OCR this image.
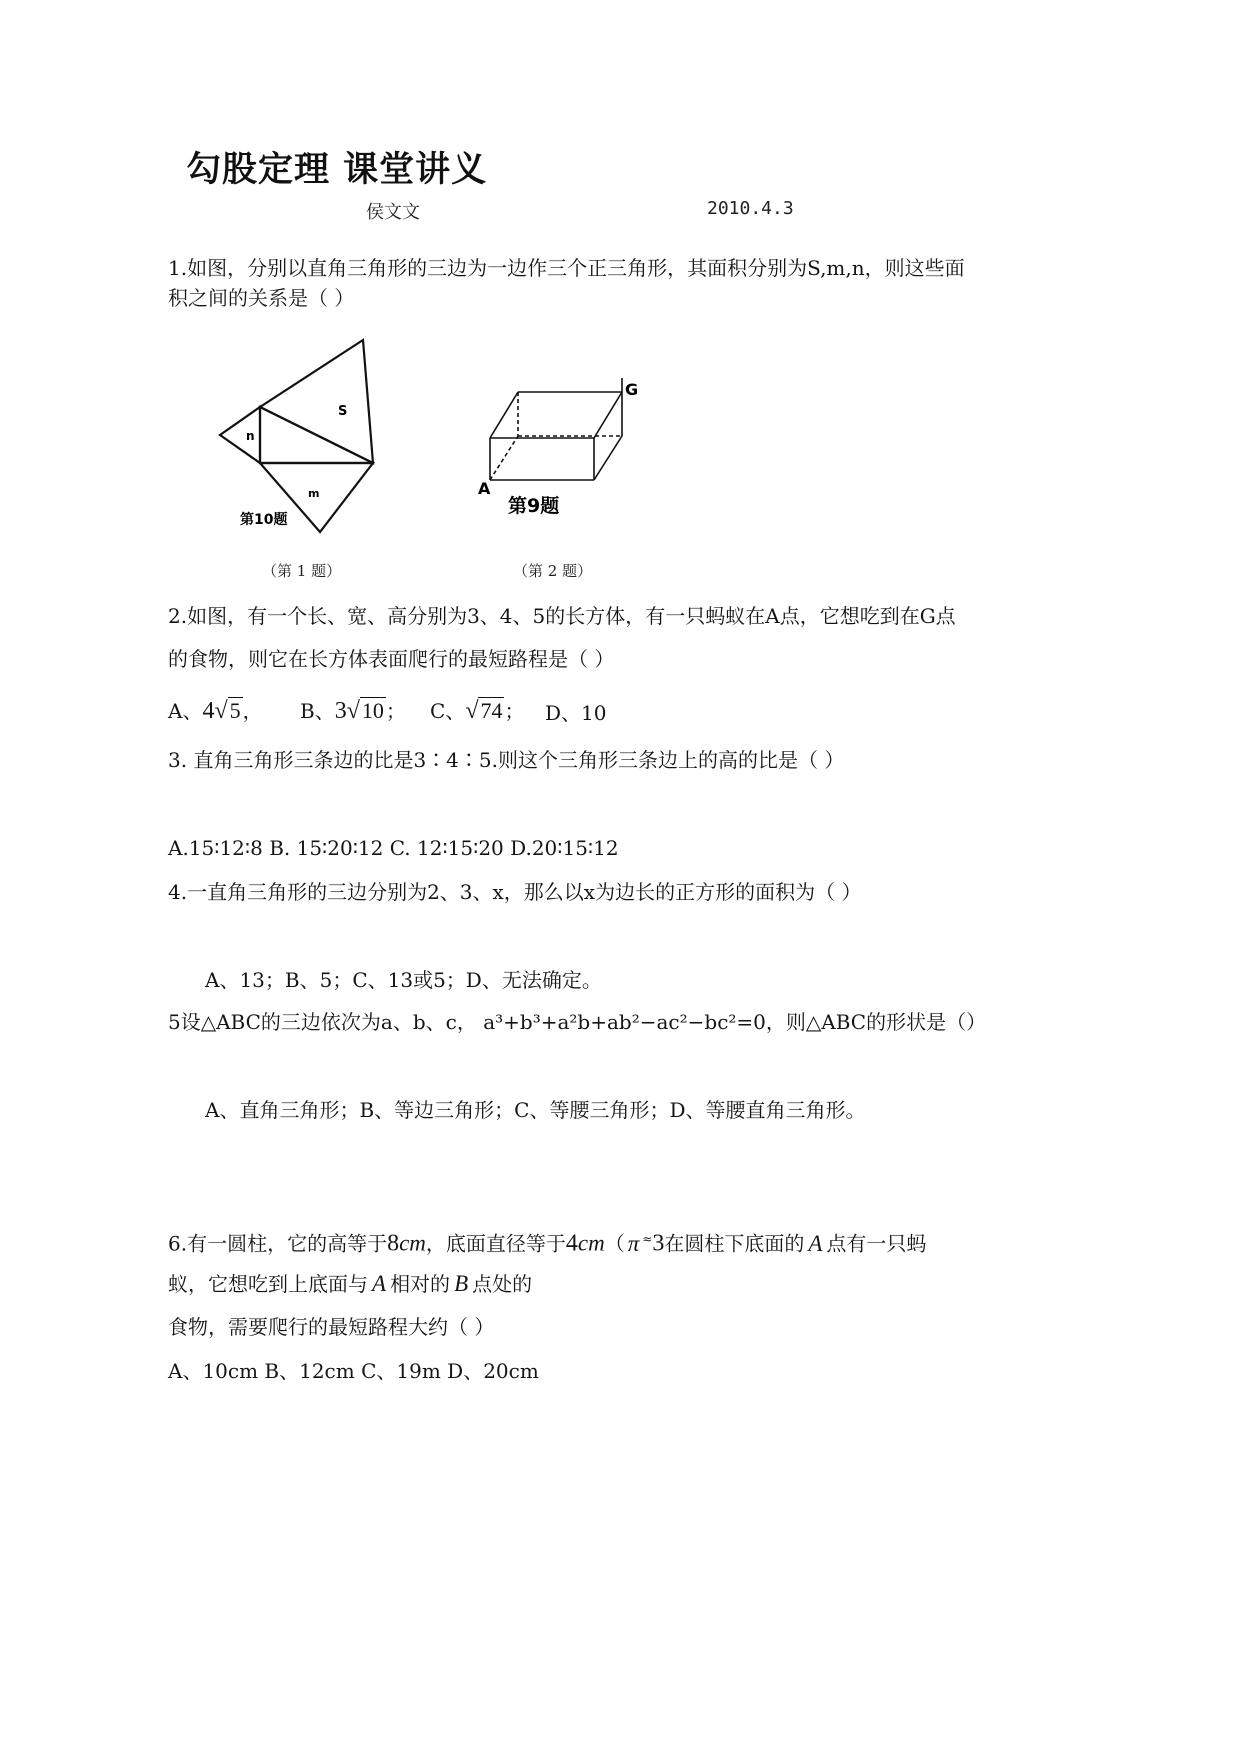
勾股定理 课堂讲义
侯文文	2010.4.3
1.如图，分别以直角三角形的三边为一边作三个正三角形，其面积分别为S,m,n，则这些面
积之间的关系是（ ）
S
n
m
第10题
（第 1 题）
G
A
第9题
（第 2 题）
2.如图，有一个长、宽、高分别为3、4、5的长方体，有一只蚂蚁在A点，它想吃到在G点
的食物，则它在长方体表面爬行的最短路程是（ ）
A、4√5 ， B、3√10 ； C、√74 ； D、10
3. 直角三角形三条边的比是3∶4∶5.则这个三角形三条边上的高的比是（ ）
A.15∶12∶8 B. 15∶20∶12 C. 12∶15∶20 D.20∶15∶12
4.一直角三角形的三边分别为2、3、x，那么以x为边长的正方形的面积为（ ）
A、13；B、5；C、13或5；D、无法确定。
5设△ABC的三边依次为a、b、c， a³+b³+a²b+ab²−ac²−bc²=0，则△ABC的形状是（）
A、直角三角形；B、等边三角形；C、等腰三角形；D、等腰直角三角形。
6.有一圆柱，它的高等于8cm，底面直径等于4cm（ π ≈3在圆柱下底面的 A 点有一只蚂
蚁，它想吃到上底面与 A 相对的 B 点处的
食物，需要爬行的最短路程大约（ ）
A、10cm B、12cm C、19m D、20cm
